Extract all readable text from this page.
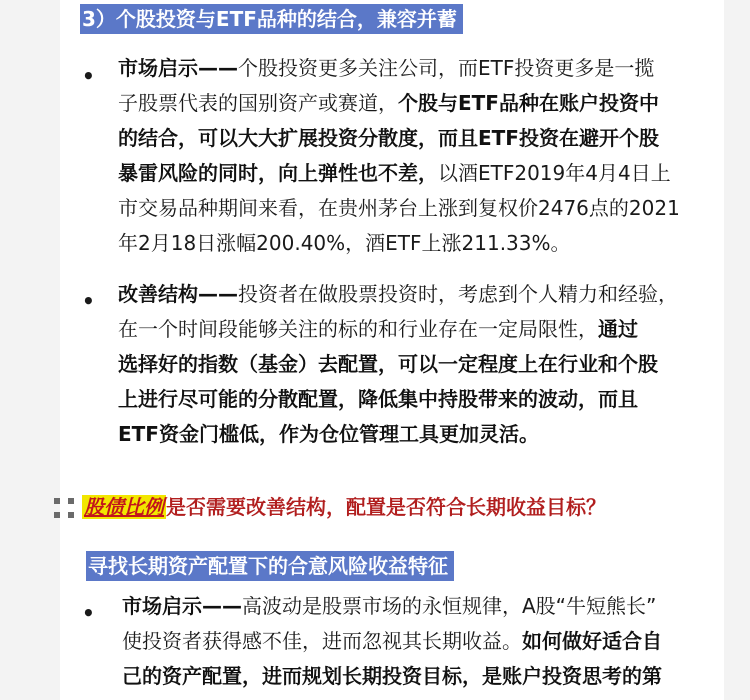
3）个股投资与ETF品种的结合，兼容并蓄
• 市场启示——个股投资更多关注公司，而ETF投资更多是一揽
子股票代表的国别资产或赛道，个股与ETF品种在账户投资中
的结合，可以大大扩展投资分散度，而且ETF投资在避开个股
暴雷风险的同时，向上弹性也不差，以酒ETF2019年4月4日上
市交易品种期间来看，在贵州茅台上涨到复权价2476点的2021
年2月18日涨幅200.40%，酒ETF上涨211.33%。
• 改善结构——投资者在做股票投资时，考虑到个人精力和经验，
在一个时间段能够关注的标的和行业存在一定局限性，通过
选择好的指数（基金）去配置，可以一定程度上在行业和个股
上进行尽可能的分散配置，降低集中持股带来的波动，而且
ETF资金门槛低，作为仓位管理工具更加灵活。
股债比例 是否需要改善结构，配置是否符合长期收益目标？
寻找长期资产配置下的合意风险收益特征
• 市场启示——高波动是股票市场的永恒规律，A股“牛短熊长”
使投资者获得感不佳，进而忽视其长期收益。如何做好适合自
己的资产配置，进而规划长期投资目标，是账户投资思考的第
